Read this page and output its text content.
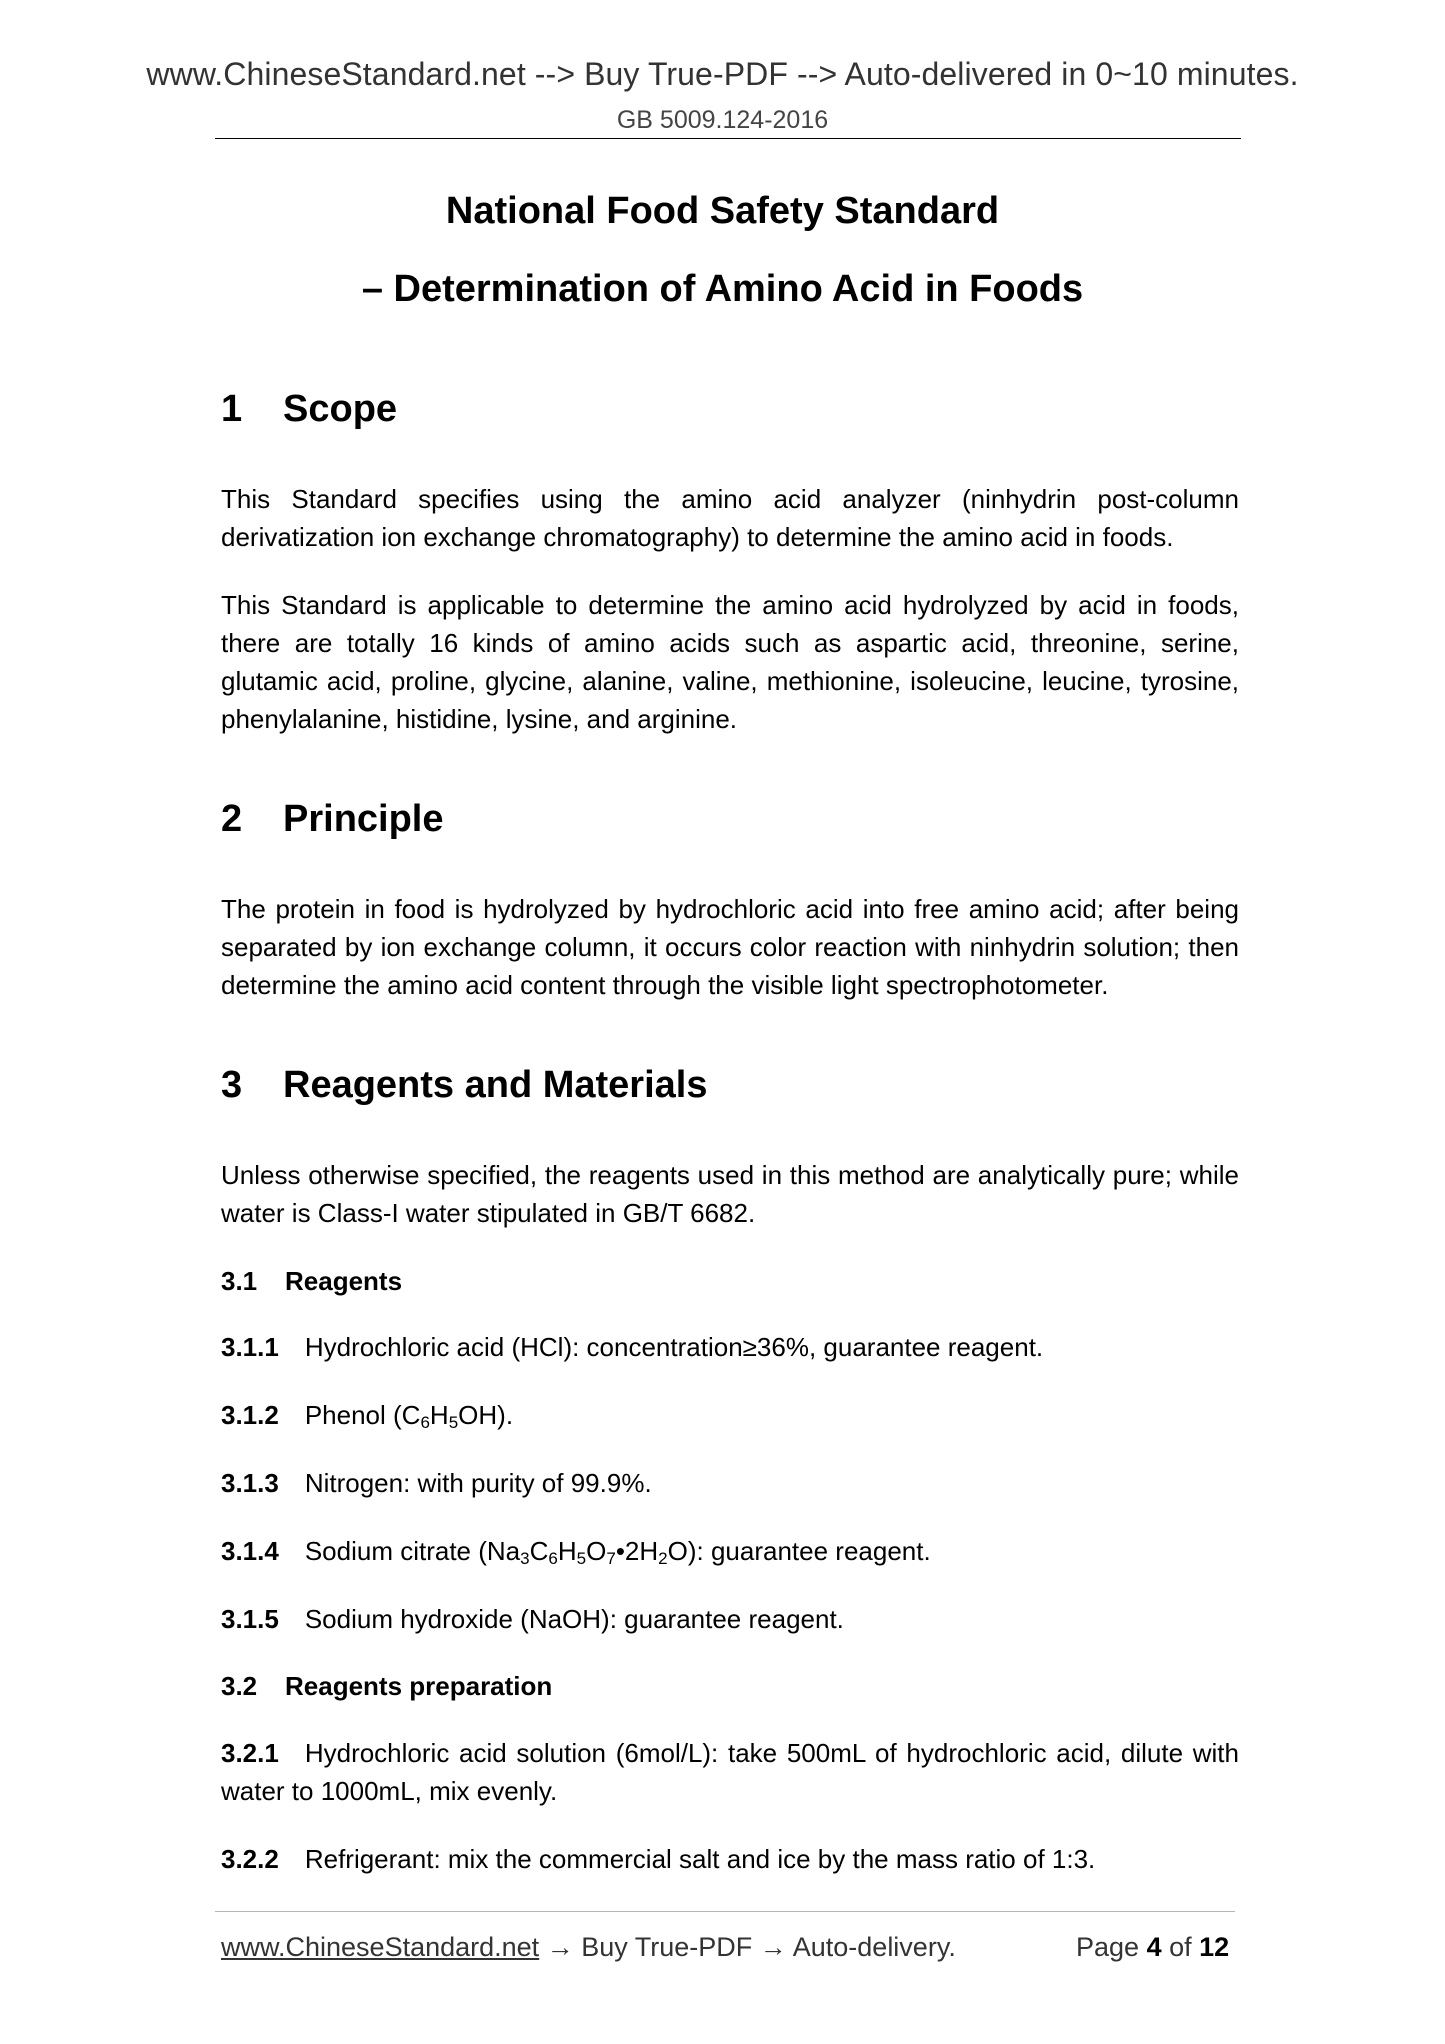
www.ChineseStandard.net --> Buy True-PDF --> Auto-delivered in 0~10 minutes.
GB 5009.124-2016
National Food Safety Standard
– Determination of Amino Acid in Foods
1 Scope
This Standard specifies using the amino acid analyzer (ninhydrin post-column derivatization ion exchange chromatography) to determine the amino acid in foods.
This Standard is applicable to determine the amino acid hydrolyzed by acid in foods, there are totally 16 kinds of amino acids such as aspartic acid, threonine, serine, glutamic acid, proline, glycine, alanine, valine, methionine, isoleucine, leucine, tyrosine, phenylalanine, histidine, lysine, and arginine.
2 Principle
The protein in food is hydrolyzed by hydrochloric acid into free amino acid; after being separated by ion exchange column, it occurs color reaction with ninhydrin solution; then determine the amino acid content through the visible light spectrophotometer.
3 Reagents and Materials
Unless otherwise specified, the reagents used in this method are analytically pure; while water is Class-I water stipulated in GB/T 6682.
3.1 Reagents
3.1.1 Hydrochloric acid (HCl): concentration≥36%, guarantee reagent.
3.1.2 Phenol $(C_6H_5OH)$.
3.1.3 Nitrogen: with purity of 99.9%.
3.1.4 Sodium citrate $(Na_3C_6H_5O_7•2H_2O)$: guarantee reagent.
3.1.5 Sodium hydroxide (NaOH): guarantee reagent.
3.2 Reagents preparation
3.2.1 Hydrochloric acid solution (6mol/L): take 500mL of hydrochloric acid, dilute with water to 1000mL, mix evenly.
3.2.2 Refrigerant: mix the commercial salt and ice by the mass ratio of 1:3.
www.ChineseStandard.net → Buy True-PDF → Auto-delivery.	Page 4 of 12
